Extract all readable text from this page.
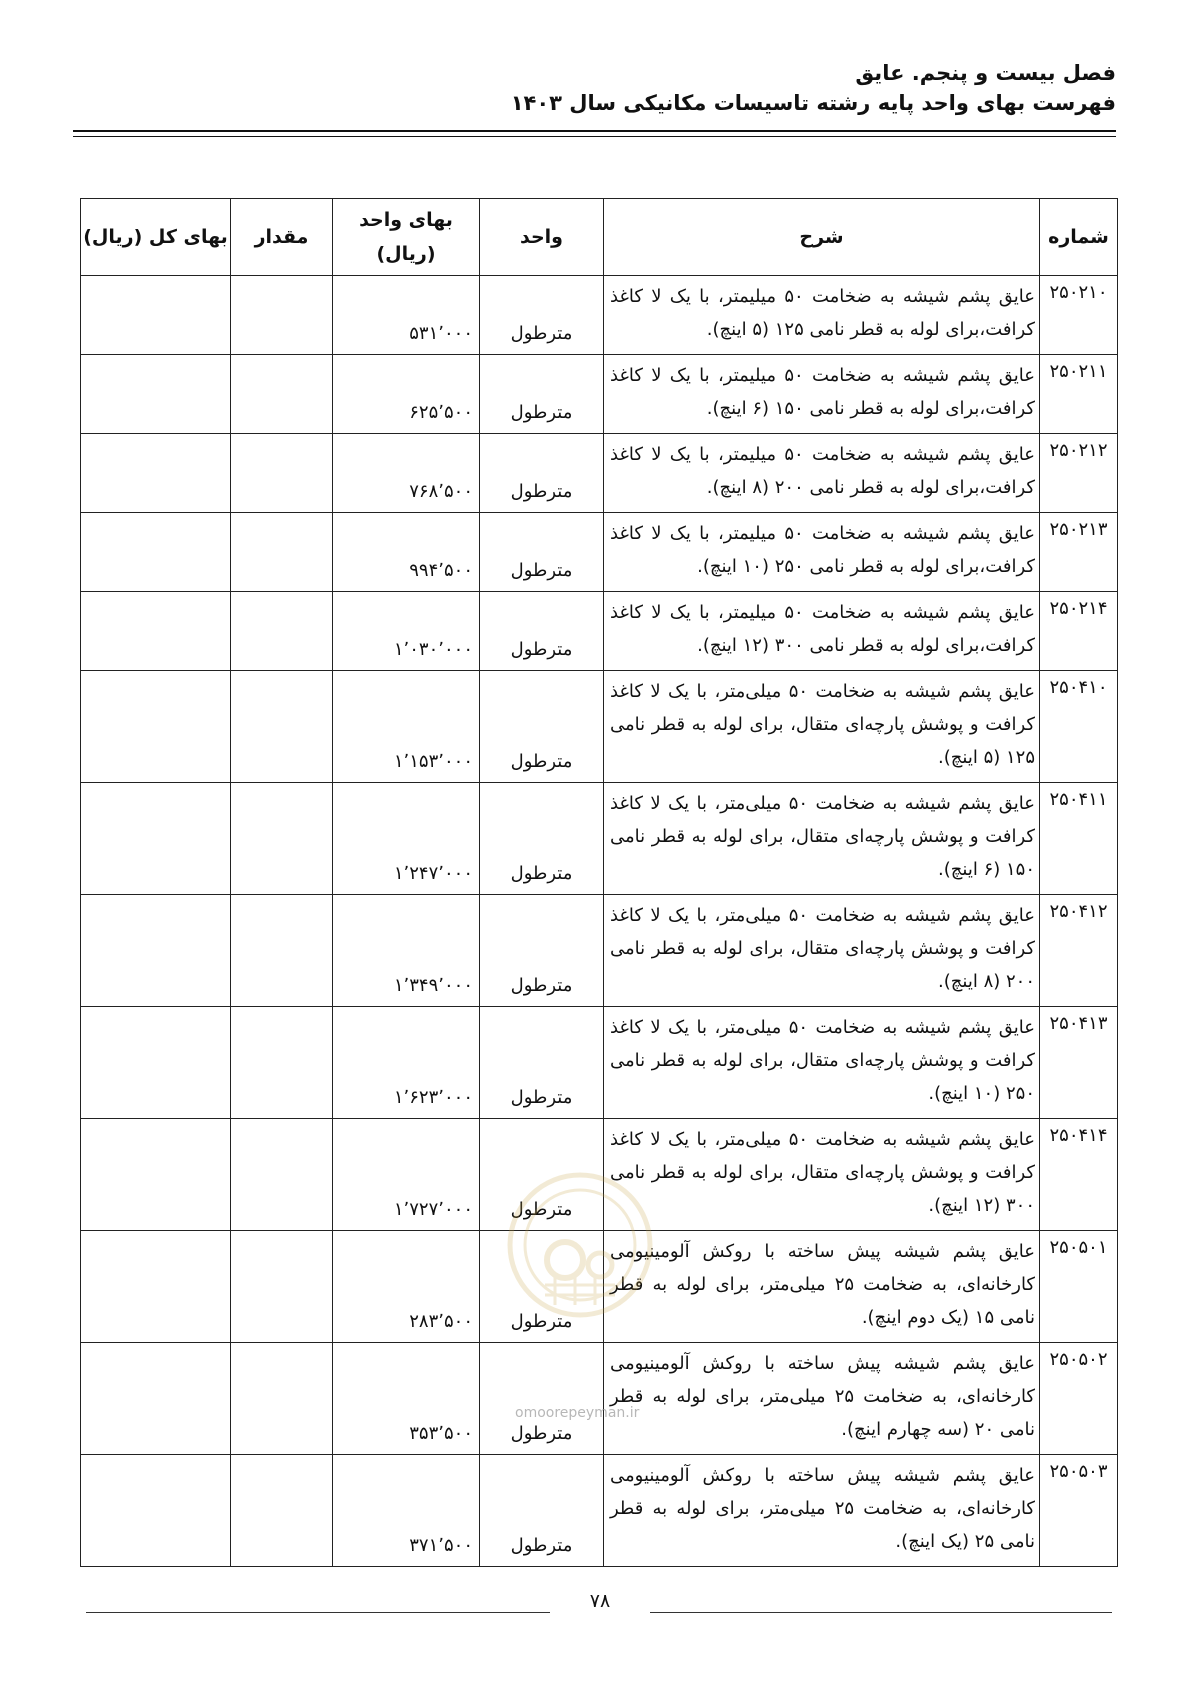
فصل بیست و پنجم. عایق
فهرست بهای واحد پایه رشته تاسیسات مکانیکی سال ۱۴۰۳
شماره	شرح	واحد	بهای واحد (ریال)	مقدار	بهای کل (ریال)
۲۵۰۲۱۰	عایق پشم شیشه به ضخامت ۵۰ میلیمتر، با یک لا کاغذ کرافت،برای لوله به قطر نامی ۱۲۵ (۵ اینچ).	مترطول	۵۳۱٬۰۰۰		
۲۵۰۲۱۱	عایق پشم شیشه به ضخامت ۵۰ میلیمتر، با یک لا کاغذ کرافت،برای لوله به قطر نامی ۱۵۰ (۶ اینچ).	مترطول	۶۲۵٬۵۰۰		
۲۵۰۲۱۲	عایق پشم شیشه به ضخامت ۵۰ میلیمتر، با یک لا کاغذ کرافت،برای لوله به قطر نامی ۲۰۰ (۸ اینچ).	مترطول	۷۶۸٬۵۰۰		
۲۵۰۲۱۳	عایق پشم شیشه به ضخامت ۵۰ میلیمتر، با یک لا کاغذ کرافت،برای لوله به قطر نامی ۲۵۰ (۱۰ اینچ).	مترطول	۹۹۴٬۵۰۰		
۲۵۰۲۱۴	عایق پشم شیشه به ضخامت ۵۰ میلیمتر، با یک لا کاغذ کرافت،برای لوله به قطر نامی ۳۰۰ (۱۲ اینچ).	مترطول	۱٬۰۳۰٬۰۰۰		
۲۵۰۴۱۰	عایق پشم شیشه به ضخامت ۵۰ میلی‌متر، با یک لا کاغذ کرافت و پوشش پارچه‌ای متقال، برای لوله به قطر نامی ۱۲۵ (۵ اینچ).	مترطول	۱٬۱۵۳٬۰۰۰		
۲۵۰۴۱۱	عایق پشم شیشه به ضخامت ۵۰ میلی‌متر، با یک لا کاغذ کرافت و پوشش پارچه‌ای متقال، برای لوله به قطر نامی ۱۵۰ (۶ اینچ).	مترطول	۱٬۲۴۷٬۰۰۰		
۲۵۰۴۱۲	عایق پشم شیشه به ضخامت ۵۰ میلی‌متر، با یک لا کاغذ کرافت و پوشش پارچه‌ای متقال، برای لوله به قطر نامی ۲۰۰ (۸ اینچ).	مترطول	۱٬۳۴۹٬۰۰۰		
۲۵۰۴۱۳	عایق پشم شیشه به ضخامت ۵۰ میلی‌متر، با یک لا کاغذ کرافت و پوشش پارچه‌ای متقال، برای لوله به قطر نامی ۲۵۰ (۱۰ اینچ).	مترطول	۱٬۶۲۳٬۰۰۰		
۲۵۰۴۱۴	عایق پشم شیشه به ضخامت ۵۰ میلی‌متر، با یک لا کاغذ کرافت و پوشش پارچه‌ای متقال، برای لوله به قطر نامی ۳۰۰ (۱۲ اینچ).	مترطول	۱٬۷۲۷٬۰۰۰		
۲۵۰۵۰۱	عایق پشم شیشه پیش ساخته با روکش آلومینیومی کارخانه‌ای، به ضخامت ۲۵ میلی‌متر، برای لوله به قطر نامی ۱۵ (یک دوم اینچ).	مترطول	۲۸۳٬۵۰۰		
۲۵۰۵۰۲	عایق پشم شیشه پیش ساخته با روکش آلومینیومی کارخانه‌ای، به ضخامت ۲۵ میلی‌متر، برای لوله به قطر نامی ۲۰ (سه چهارم اینچ).	مترطول	۳۵۳٬۵۰۰		
۲۵۰۵۰۳	عایق پشم شیشه پیش ساخته با روکش آلومینیومی کارخانه‌ای، به ضخامت ۲۵ میلی‌متر، برای لوله به قطر نامی ۲۵ (یک اینچ).	مترطول	۳۷۱٬۵۰۰		
omoorepeyman.ir
۷۸
